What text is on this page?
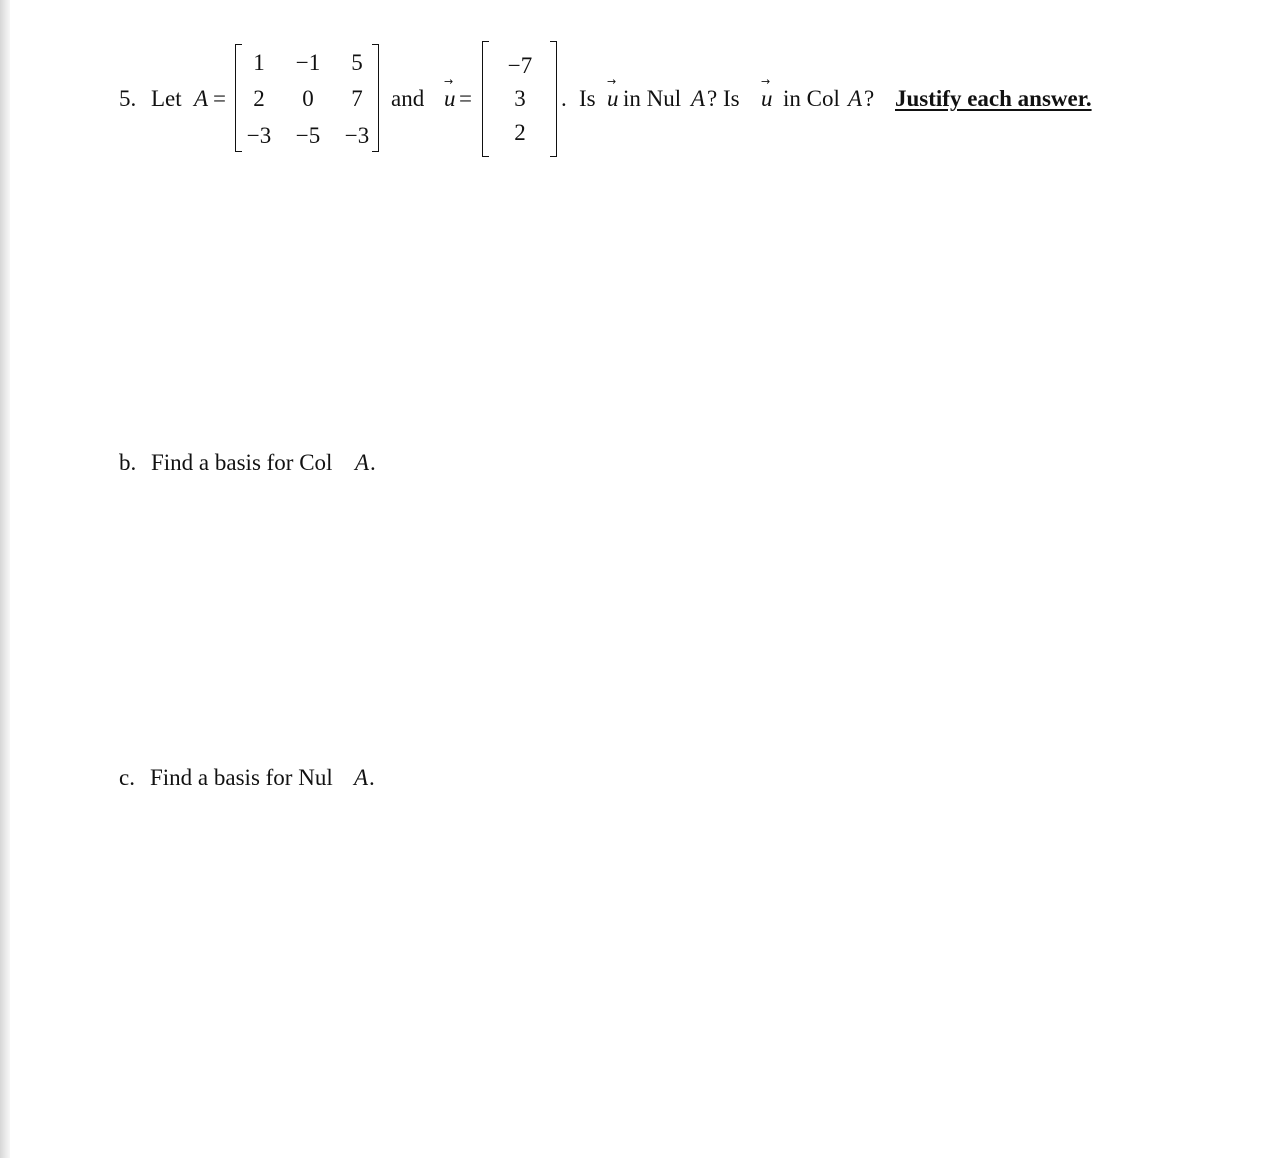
5. Let A =
1	−1	5
2	0	7
−3	−5	−3
and
→
u =
−7
3
2
. Is
→
u in Nul A ? Is
→
u in Col A ? Justify each answer.
b. Find a basis for Col A .
c. Find a basis for Nul A .
